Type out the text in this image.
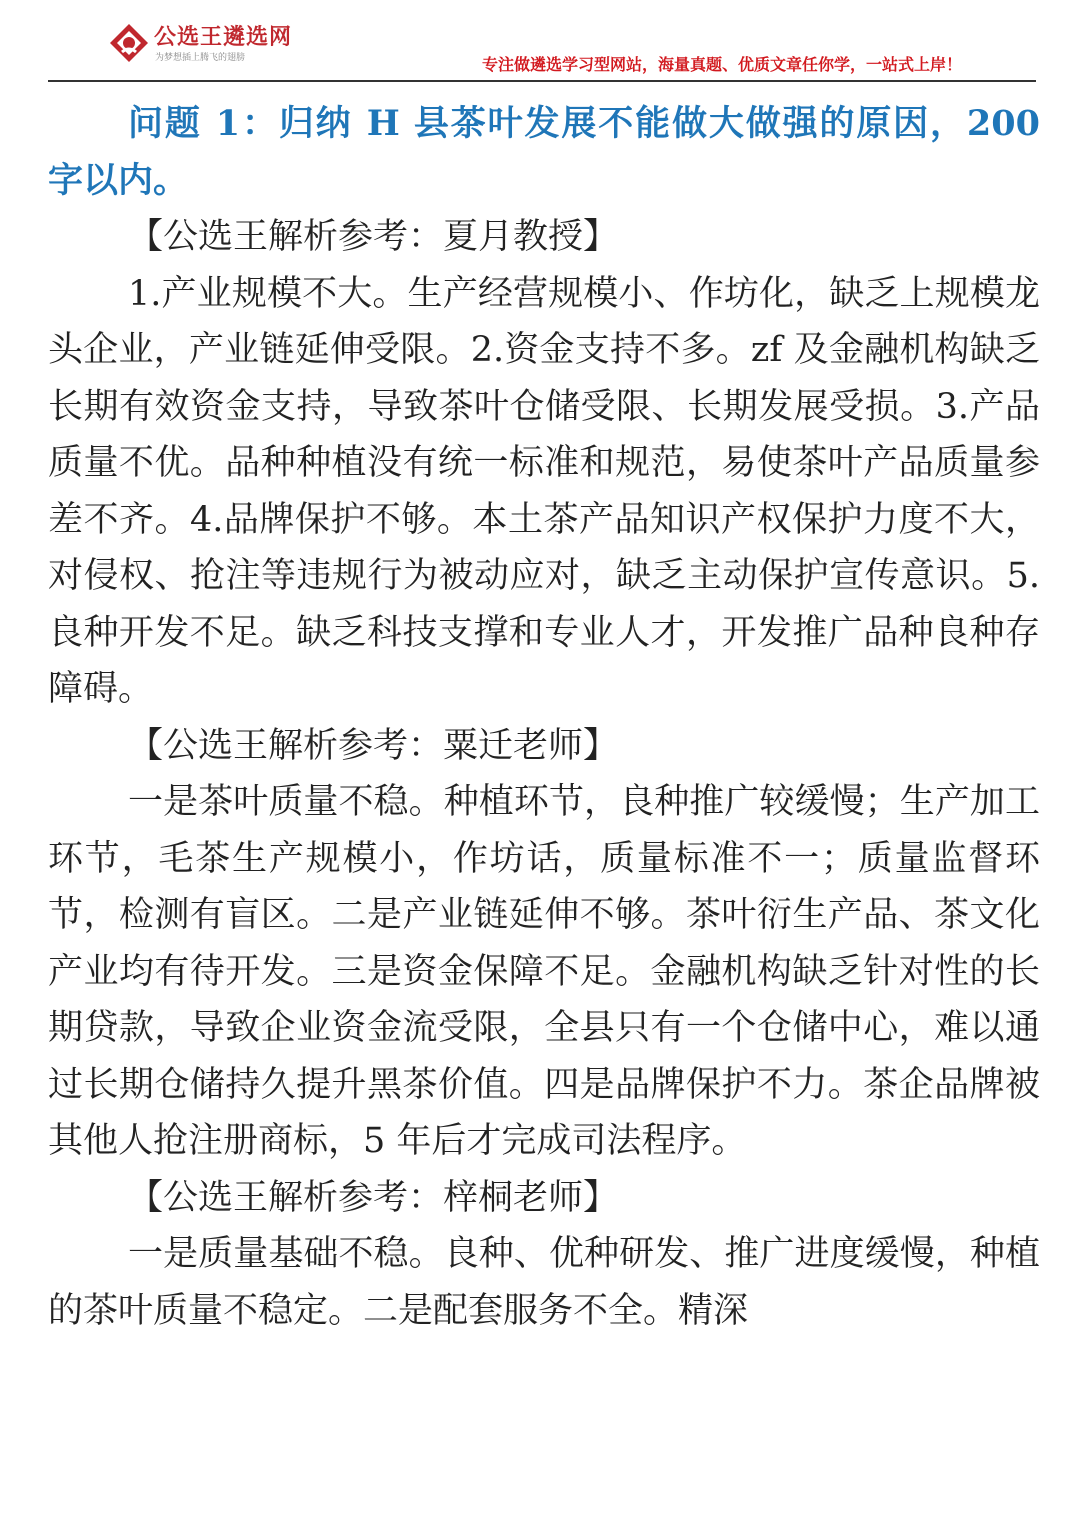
公选王遴选网
为梦想插上腾飞的翅膀	专注做遴选学习型网站，海量真题、优质文章任你学，一站式上岸！

问题 1：归纳 H 县茶叶发展不能做大做强的原因，200 字以内。

【公选王解析参考：夏月教授】

1.产业规模不大。生产经营规模小、作坊化，缺乏上规模龙头企业，产业链延伸受限。2.资金支持不多。zf 及金融机构缺乏长期有效资金支持，导致茶叶仓储受限、长期发展受损。3.产品质量不优。品种种植没有统一标准和规范，易使茶叶产品质量参差不齐。4.品牌保护不够。本土茶产品知识产权保护力度不大，对侵权、抢注等违规行为被动应对，缺乏主动保护宣传意识。5.良种开发不足。缺乏科技支撑和专业人才，开发推广品种良种存障碍。

【公选王解析参考：粟迁老师】

一是茶叶质量不稳。种植环节，良种推广较缓慢；生产加工环节，毛茶生产规模小，作坊话，质量标准不一；质量监督环节，检测有盲区。二是产业链延伸不够。茶叶衍生产品、茶文化产业均有待开发。三是资金保障不足。金融机构缺乏针对性的长期贷款，导致企业资金流受限，全县只有一个仓储中心，难以通过长期仓储持久提升黑茶价值。四是品牌保护不力。茶企品牌被其他人抢注册商标，5 年后才完成司法程序。

【公选王解析参考：梓桐老师】

一是质量基础不稳。良种、优种研发、推广进度缓慢，种植的茶叶质量不稳定。二是配套服务不全。精深
